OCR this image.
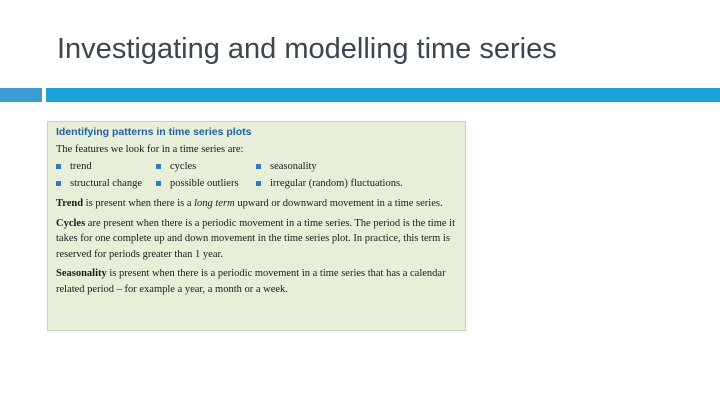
Investigating and modelling time series

Identifying patterns in time series plots

The features we look for in a time series are:

trend	cycles	seasonality
structural change	possible outliers	irregular (random) fluctuations.

Trend is present when there is a long term upward or downward movement in a time series.

Cycles are present when there is a periodic movement in a time series. The period is the time it takes for one complete up and down movement in the time series plot. In practice, this term is reserved for periods greater than 1 year.

Seasonality is present when there is a periodic movement in a time series that has a calendar related period – for example a year, a month or a week.
